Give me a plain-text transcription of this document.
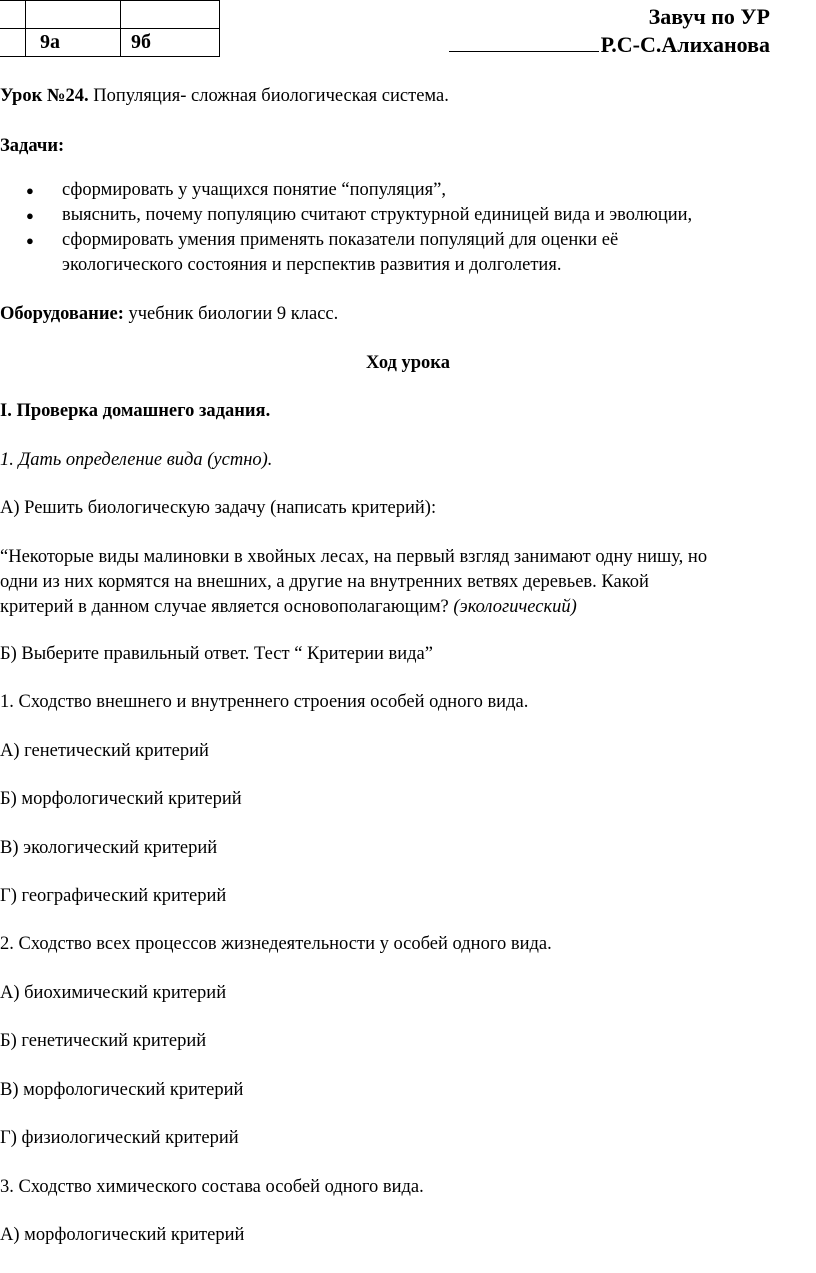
	9а	9б
Завуч по УР
Р.С-С.Алиханова
Урок №24. Популяция- сложная биологическая система.
Задачи:
● сформировать у учащихся понятие “популяция”,
● выяснить, почему популяцию считают структурной единицей вида и эволюции,
● сформировать умения применять показатели популяций для оценки её
экологического состояния и перспектив развития и долголетия.
Оборудование: учебник биологии 9 класс.
Ход урока
I. Проверка домашнего задания.
1. Дать определение вида (устно).
А) Решить биологическую задачу (написать критерий):
“Некоторые виды малиновки в хвойных лесах, на первый взгляд занимают одну нишу, но
одни из них кормятся на внешних, а другие на внутренних ветвях деревьев. Какой
критерий в данном случае является основополагающим? (экологический)
Б) Выберите правильный ответ. Тест “ Критерии вида”
1. Сходство внешнего и внутреннего строения особей одного вида.
А) генетический критерий
Б) морфологический критерий
В) экологический критерий
Г) географический критерий
2. Сходство всех процессов жизнедеятельности у особей одного вида.
А) биохимический критерий
Б) генетический критерий
В) морфологический критерий
Г) физиологический критерий
3. Сходство химического состава особей одного вида.
А) морфологический критерий
